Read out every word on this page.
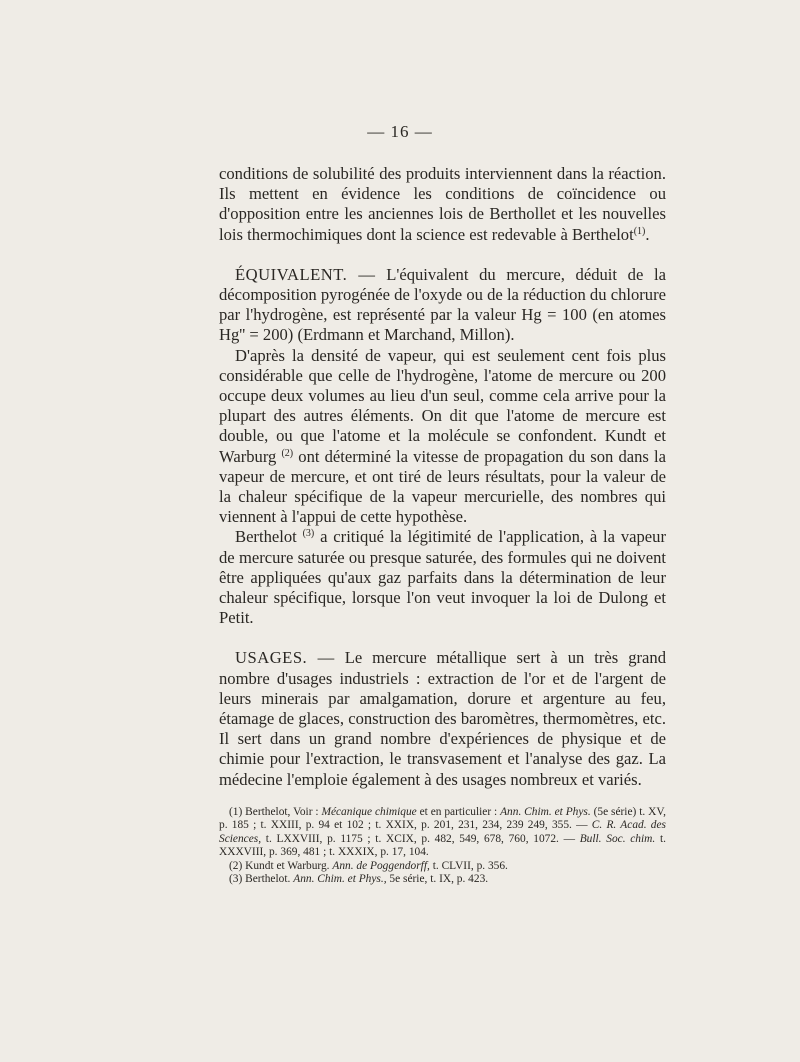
— 16 —

conditions de solubilité des produits interviennent dans la réaction. Ils mettent en évidence les conditions de coïncidence ou d'opposition entre les anciennes lois de Berthollet et les nouvelles lois thermochimiques dont la science est redevable à Berthelot$^{(1)}$.

ÉQUIVALENT. — L'équivalent du mercure, déduit de la décomposition pyrogénée de l'oxyde ou de la réduction du chlorure par l'hydrogène, est représenté par la valeur Hg = 100 (en atomes Hg'' = 200) (Erdmann et Marchand, Millon).

D'après la densité de vapeur, qui est seulement cent fois plus considérable que celle de l'hydrogène, l'atome de mercure ou 200 occupe deux volumes au lieu d'un seul, comme cela arrive pour la plupart des autres éléments. On dit que l'atome de mercure est double, ou que l'atome et la molécule se confondent. Kundt et Warburg $^{(2)}$ ont déterminé la vitesse de propagation du son dans la vapeur de mercure, et ont tiré de leurs résultats, pour la valeur de la chaleur spécifique de la vapeur mercurielle, des nombres qui viennent à l'appui de cette hypothèse.

Berthelot $^{(3)}$ a critiqué la légitimité de l'application, à la vapeur de mercure saturée ou presque saturée, des formules qui ne doivent être appliquées qu'aux gaz parfaits dans la détermination de leur chaleur spécifique, lorsque l'on veut invoquer la loi de Dulong et Petit.

USAGES. — Le mercure métallique sert à un très grand nombre d'usages industriels : extraction de l'or et de l'argent de leurs minerais par amalgamation, dorure et argenture au feu, étamage de glaces, construction des baromètres, thermomètres, etc. Il sert dans un grand nombre d'expériences de physique et de chimie pour l'extraction, le transvasement et l'analyse des gaz. La médecine l'emploie également à des usages nombreux et variés.

(1) Berthelot, Voir : Mécanique chimique et en particulier : Ann. Chim. et Phys. (5e série) t. XV, p. 185 ; t. XXIII, p. 94 et 102 ; t. XXIX, p. 201, 231, 234, 239 249, 355. — C. R. Acad. des Sciences, t. LXXVIII, p. 1175 ; t. XCIX, p. 482, 549, 678, 760, 1072. — Bull. Soc. chim. t. XXXVIII, p. 369, 481 ; t. XXXIX, p. 17, 104.

(2) Kundt et Warburg. Ann. de Poggendorff, t. CLVII, p. 356.

(3) Berthelot. Ann. Chim. et Phys., 5e série, t. IX, p. 423.
